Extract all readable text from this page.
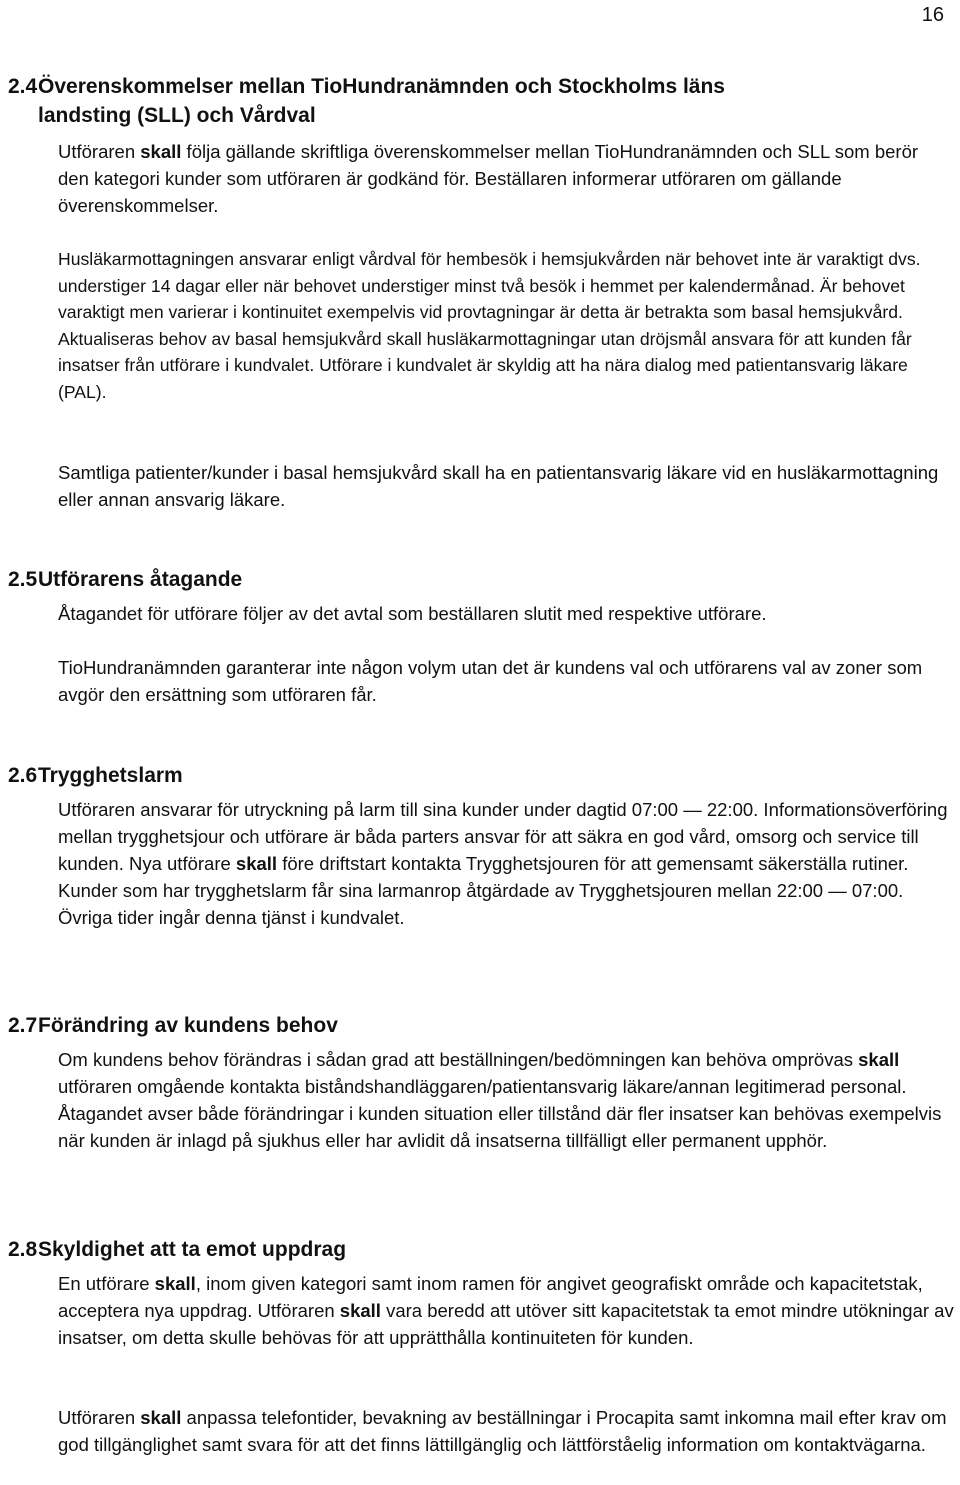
16
2.4Överenskommelser mellan TioHundranämnden och Stockholms läns
landsting (SLL) och Vårdval

Utföraren skall följa gällande skriftliga överenskommelser mellan TioHundranämnden och SLL som berör den kategori kunder som utföraren är godkänd för. Beställaren informerar utföraren om gällande överenskommelser.

Husläkarmottagningen ansvarar enligt vårdval för hembesök i hemsjukvården när behovet inte är varaktigt dvs. understiger 14 dagar eller när behovet understiger minst två besök i hemmet per kalendermånad. Är behovet varaktigt men varierar i kontinuitet exempelvis vid provtagningar är detta är betrakta som basal hemsjukvård. Aktualiseras behov av basal hemsjukvård skall husläkarmottagningar utan dröjsmål ansvara för att kunden får insatser från utförare i kundvalet. Utförare i kundvalet är skyldig att ha nära dialog med patientansvarig läkare (PAL).

Samtliga patienter/kunder i basal hemsjukvård skall ha en patientansvarig läkare vid en husläkarmottagning eller annan ansvarig läkare.

2.5Utförarens åtagande

Åtagandet för utförare följer av det avtal som beställaren slutit med respektive utförare.

TioHundranämnden garanterar inte någon volym utan det är kundens val och utförarens val av zoner som avgör den ersättning som utföraren får.

2.6Trygghetslarm

Utföraren ansvarar för utryckning på larm till sina kunder under dagtid 07:00 — 22:00. Informationsöverföring mellan trygghetsjour och utförare är båda parters ansvar för att säkra en god vård, omsorg och service till kunden. Nya utförare skall före driftstart kontakta Trygghetsjouren för att gemensamt säkerställa rutiner. Kunder som har trygghetslarm får sina larmanrop åtgärdade av Trygghetsjouren mellan 22:00 — 07:00. Övriga tider ingår denna tjänst i kundvalet.

2.7Förändring av kundens behov

Om kundens behov förändras i sådan grad att beställningen/bedömningen kan behöva omprövas skall utföraren omgående kontakta biståndshandläggaren/patientansvarig läkare/annan legitimerad personal. Åtagandet avser både förändringar i kunden situation eller tillstånd där fler insatser kan behövas exempelvis när kunden är inlagd på sjukhus eller har avlidit då insatserna tillfälligt eller permanent upphör.

2.8Skyldighet att ta emot uppdrag

En utförare skall, inom given kategori samt inom ramen för angivet geografiskt område och kapacitetstak, acceptera nya uppdrag. Utföraren skall vara beredd att utöver sitt kapacitetstak ta emot mindre utökningar av insatser, om detta skulle behövas för att upprätthålla kontinuiteten för kunden.

Utföraren skall anpassa telefontider, bevakning av beställningar i Procapita samt inkomna mail efter krav om god tillgänglighet samt svara för att det finns lättillgänglig och lättförståelig information om kontaktvägarna.
